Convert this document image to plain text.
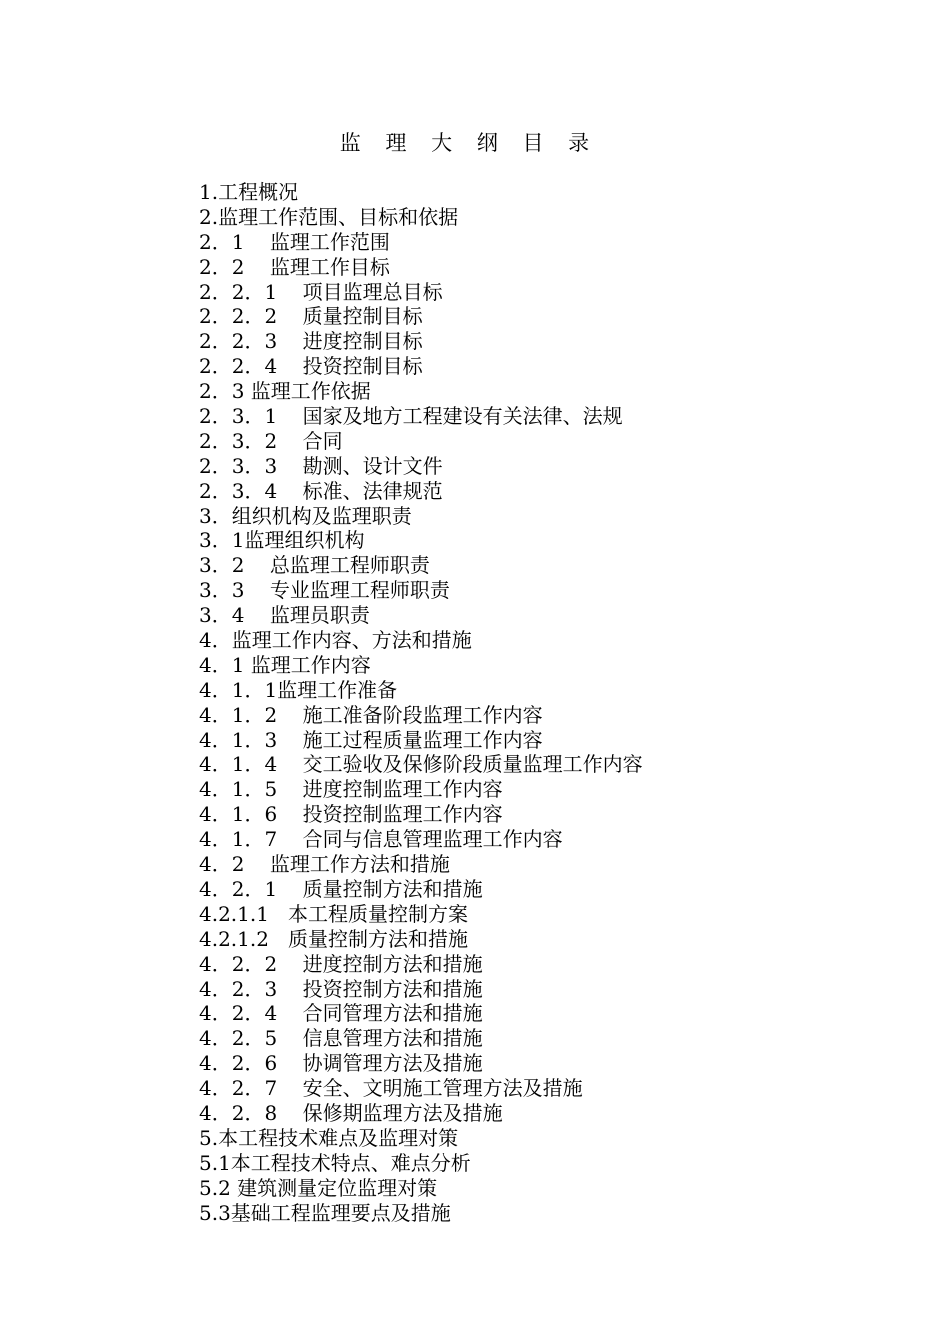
监 理 大 纲 目 录
1.工程概况
2.监理工作范围、目标和依据
2．1    监理工作范围
2．2    监理工作目标
2．2．1    项目监理总目标
2．2．2    质量控制目标
2．2．3    进度控制目标
2．2．4    投资控制目标
2．3 监理工作依据
2．3．1    国家及地方工程建设有关法律、法规
2．3．2    合同
2．3．3    勘测、设计文件
2．3．4    标准、法律规范
3．组织机构及监理职责
3．1监理组织机构
3．2    总监理工程师职责
3．3    专业监理工程师职责
3．4    监理员职责
4．监理工作内容、方法和措施
4．1 监理工作内容
4．1．1监理工作准备
4．1．2    施工准备阶段监理工作内容
4．1．3    施工过程质量监理工作内容
4．1．4    交工验收及保修阶段质量监理工作内容
4．1．5    进度控制监理工作内容
4．1．6    投资控制监理工作内容
4．1．7    合同与信息管理监理工作内容
4．2    监理工作方法和措施
4．2．1    质量控制方法和措施
4.2.1.1   本工程质量控制方案
4.2.1.2   质量控制方法和措施
4．2．2    进度控制方法和措施
4．2．3    投资控制方法和措施
4．2．4    合同管理方法和措施
4．2．5    信息管理方法和措施
4．2．6    协调管理方法及措施
4．2．7    安全、文明施工管理方法及措施
4．2．8    保修期监理方法及措施
5.本工程技术难点及监理对策
5.1本工程技术特点、难点分析
5.2 建筑测量定位监理对策
5.3基础工程监理要点及措施
